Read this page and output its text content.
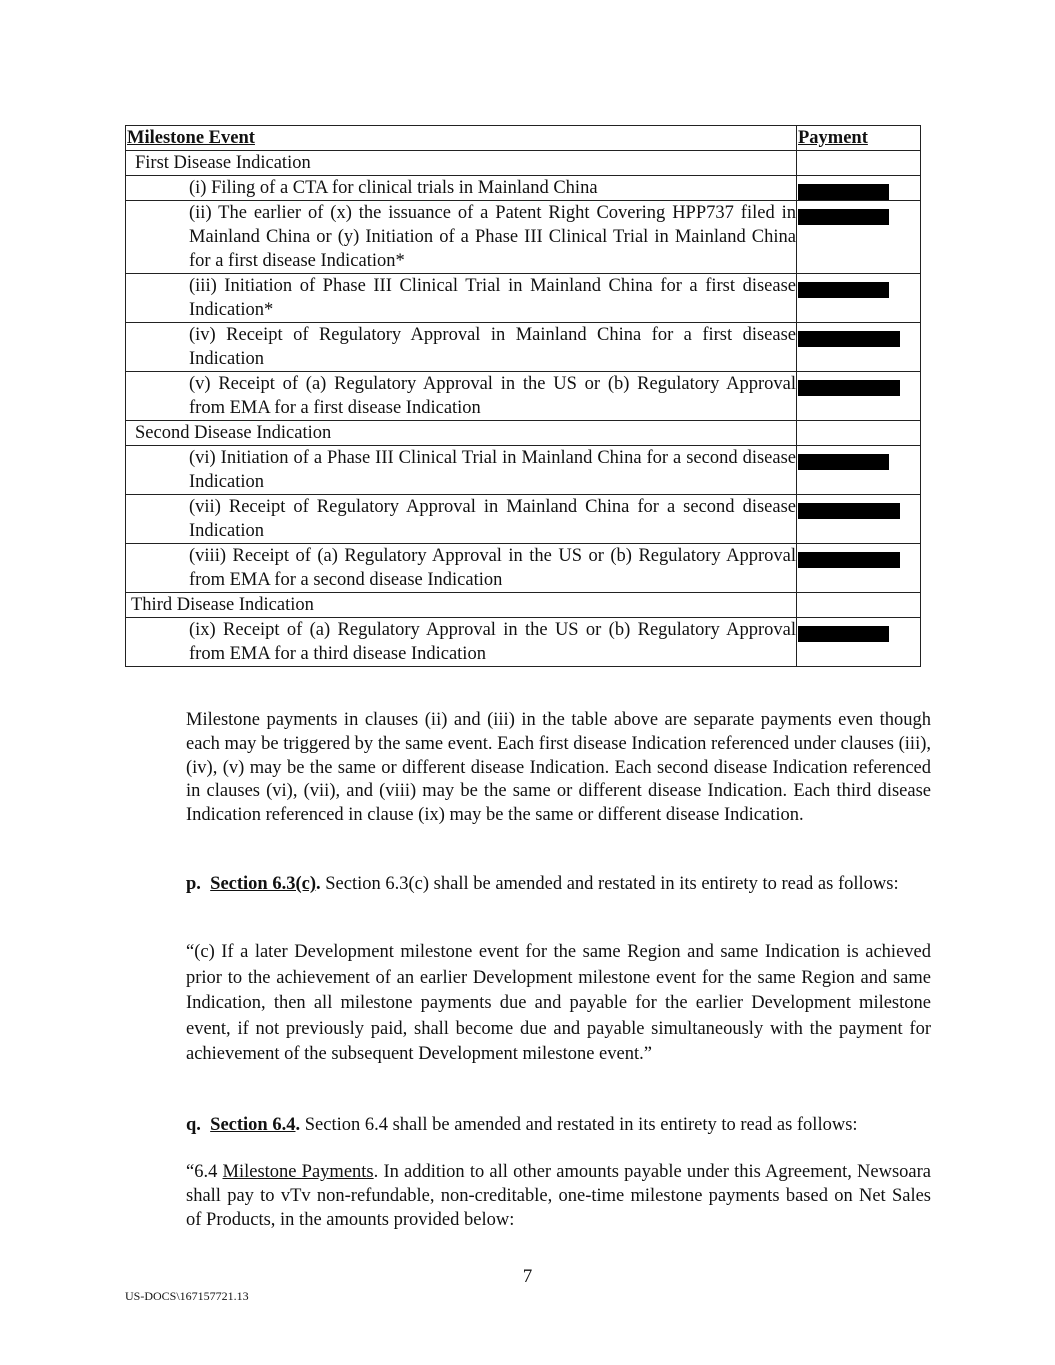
Milestone Event	Payment
First Disease Indication	
(i) Filing of a CTA for clinical trials in Mainland China	

(ii) The earlier of (x) the issuance of a Patent Right Covering HPP737 filed in Mainland China or (y) Initiation of a Phase III Clinical Trial in Mainland China for a first disease Indication*	

(iii) Initiation of Phase III Clinical Trial in Mainland China for a first disease Indication*	

(iv) Receipt of Regulatory Approval in Mainland China for a first disease Indication	

(v) Receipt of (a) Regulatory Approval in the US or (b) Regulatory Approval from EMA for a first disease Indication	

Second Disease Indication	
(vi) Initiation of a Phase III Clinical Trial in Mainland China for a second disease Indication	

(vii) Receipt of Regulatory Approval in Mainland China for a second disease Indication	

(viii) Receipt of (a) Regulatory Approval in the US or (b) Regulatory Approval from EMA for a second disease Indication	

Third Disease Indication	
(ix) Receipt of (a) Regulatory Approval in the US or (b) Regulatory Approval from EMA for a third disease Indication	
Milestone payments in clauses (ii) and (iii) in the table above are separate payments even though each may be triggered by the same event. Each first disease Indication referenced under clauses (iii), (iv), (v) may be the same or different disease Indication. Each second disease Indication referenced in clauses (vi), (vii), and (viii) may be the same or different disease Indication. Each third disease Indication referenced in clause (ix) may be the same or different disease Indication.
p. Section 6.3(c). Section 6.3(c) shall be amended and restated in its entirety to read as follows:
“(c) If a later Development milestone event for the same Region and same Indication is achieved prior to the achievement of an earlier Development milestone event for the same Region and same Indication, then all milestone payments due and payable for the earlier Development milestone event, if not previously paid, shall become due and payable simultaneously with the payment for achievement of the subsequent Development milestone event.”
q. Section 6.4. Section 6.4 shall be amended and restated in its entirety to read as follows:
“6.4 Milestone Payments. In addition to all other amounts payable under this Agreement, Newsoara shall pay to vTv non-refundable, non-creditable, one-time milestone payments based on Net Sales of Products, in the amounts provided below:
7
US-DOCS\167157721.13
